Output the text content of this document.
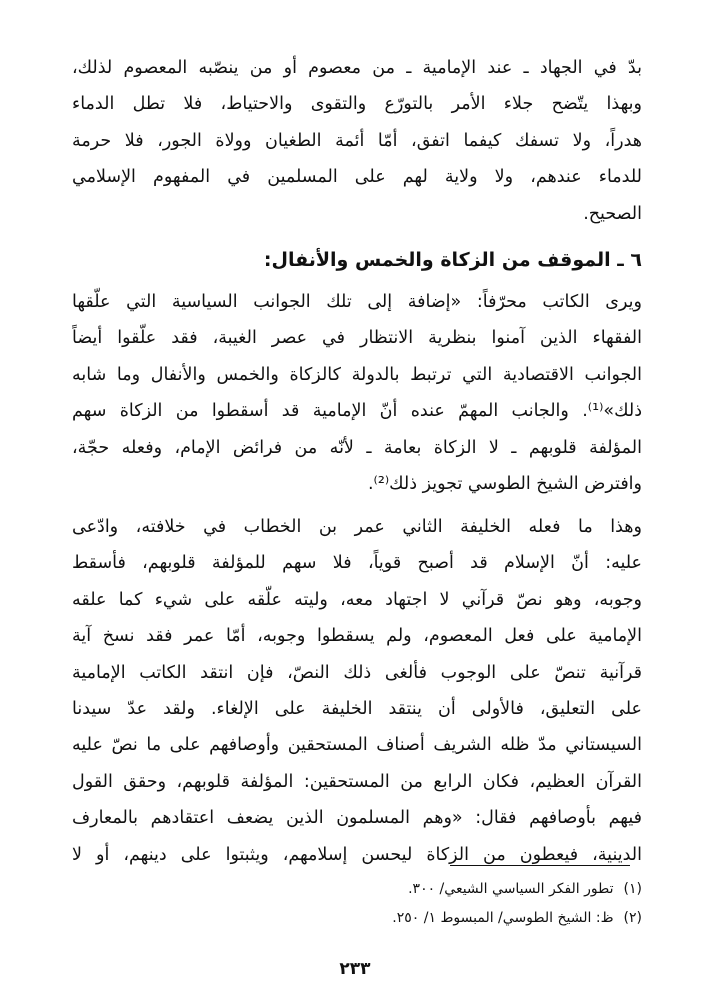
بدّ في الجهاد ـ عند الإمامية ـ من معصوم أو من ينصّبه المعصوم لذلك،
وبهذا يتّضح جلاء الأمر بالتورّع والتقوى والاحتياط، فلا تطل الدماء
هدراً، ولا تسفك كيفما اتفق، أمّا أئمة الطغيان وولاة الجور، فلا حرمة
للدماء عندهم، ولا ولاية لهم على المسلمين في المفهوم الإسلامي
الصحيح.
٦ ـ الموقف من الزكاة والخمس والأنفال:
ويرى الكاتب محرّفاً: «إضافة إلى تلك الجوانب السياسية التي علّقها
الفقهاء الذين آمنوا بنظرية الانتظار في عصر الغيبة، فقد علّقوا أيضاً
الجوانب الاقتصادية التي ترتبط بالدولة كالزكاة والخمس والأنفال وما شابه
ذلك»⁽¹⁾. والجانب المهمّ عنده أنّ الإمامية قد أسقطوا من الزكاة سهم
المؤلفة قلوبهم ـ لا الزكاة بعامة ـ لأنّه من فرائض الإمام، وفعله حجّة،
وافترض الشيخ الطوسي تجويز ذلك⁽²⁾.
وهذا ما فعله الخليفة الثاني عمر بن الخطاب في خلافته، وادّعى
عليه: أنّ الإسلام قد أصبح قوياً، فلا سهم للمؤلفة قلوبهم، فأسقط
وجوبه، وهو نصّ قرآني لا اجتهاد معه، وليته علّقه على شيء كما علقه
الإمامية على فعل المعصوم، ولم يسقطوا وجوبه، أمّا عمر فقد نسخ آية
قرآنية تنصّ على الوجوب فألغى ذلك النصّ، فإن انتقد الكاتب الإمامية
على التعليق، فالأولى أن ينتقد الخليفة على الإلغاء. ولقد عدّ سيدنا
السيستاني مدّ ظله الشريف أصناف المستحقين وأوصافهم على ما نصّ عليه
القرآن العظيم، فكان الرابع من المستحقين: المؤلفة قلوبهم، وحقق القول
فيهم بأوصافهم فقال: «وهم المسلمون الذين يضعف اعتقادهم بالمعارف
الدينية، فيعطون من الزكاة ليحسن إسلامهم، ويثبتوا على دينهم، أو لا
(١)تطور الفكر السياسي الشيعي/ ٣٠٠.
(٢)ظ: الشيخ الطوسي/ المبسوط ١/ ٢٥٠.
٢٣٣
